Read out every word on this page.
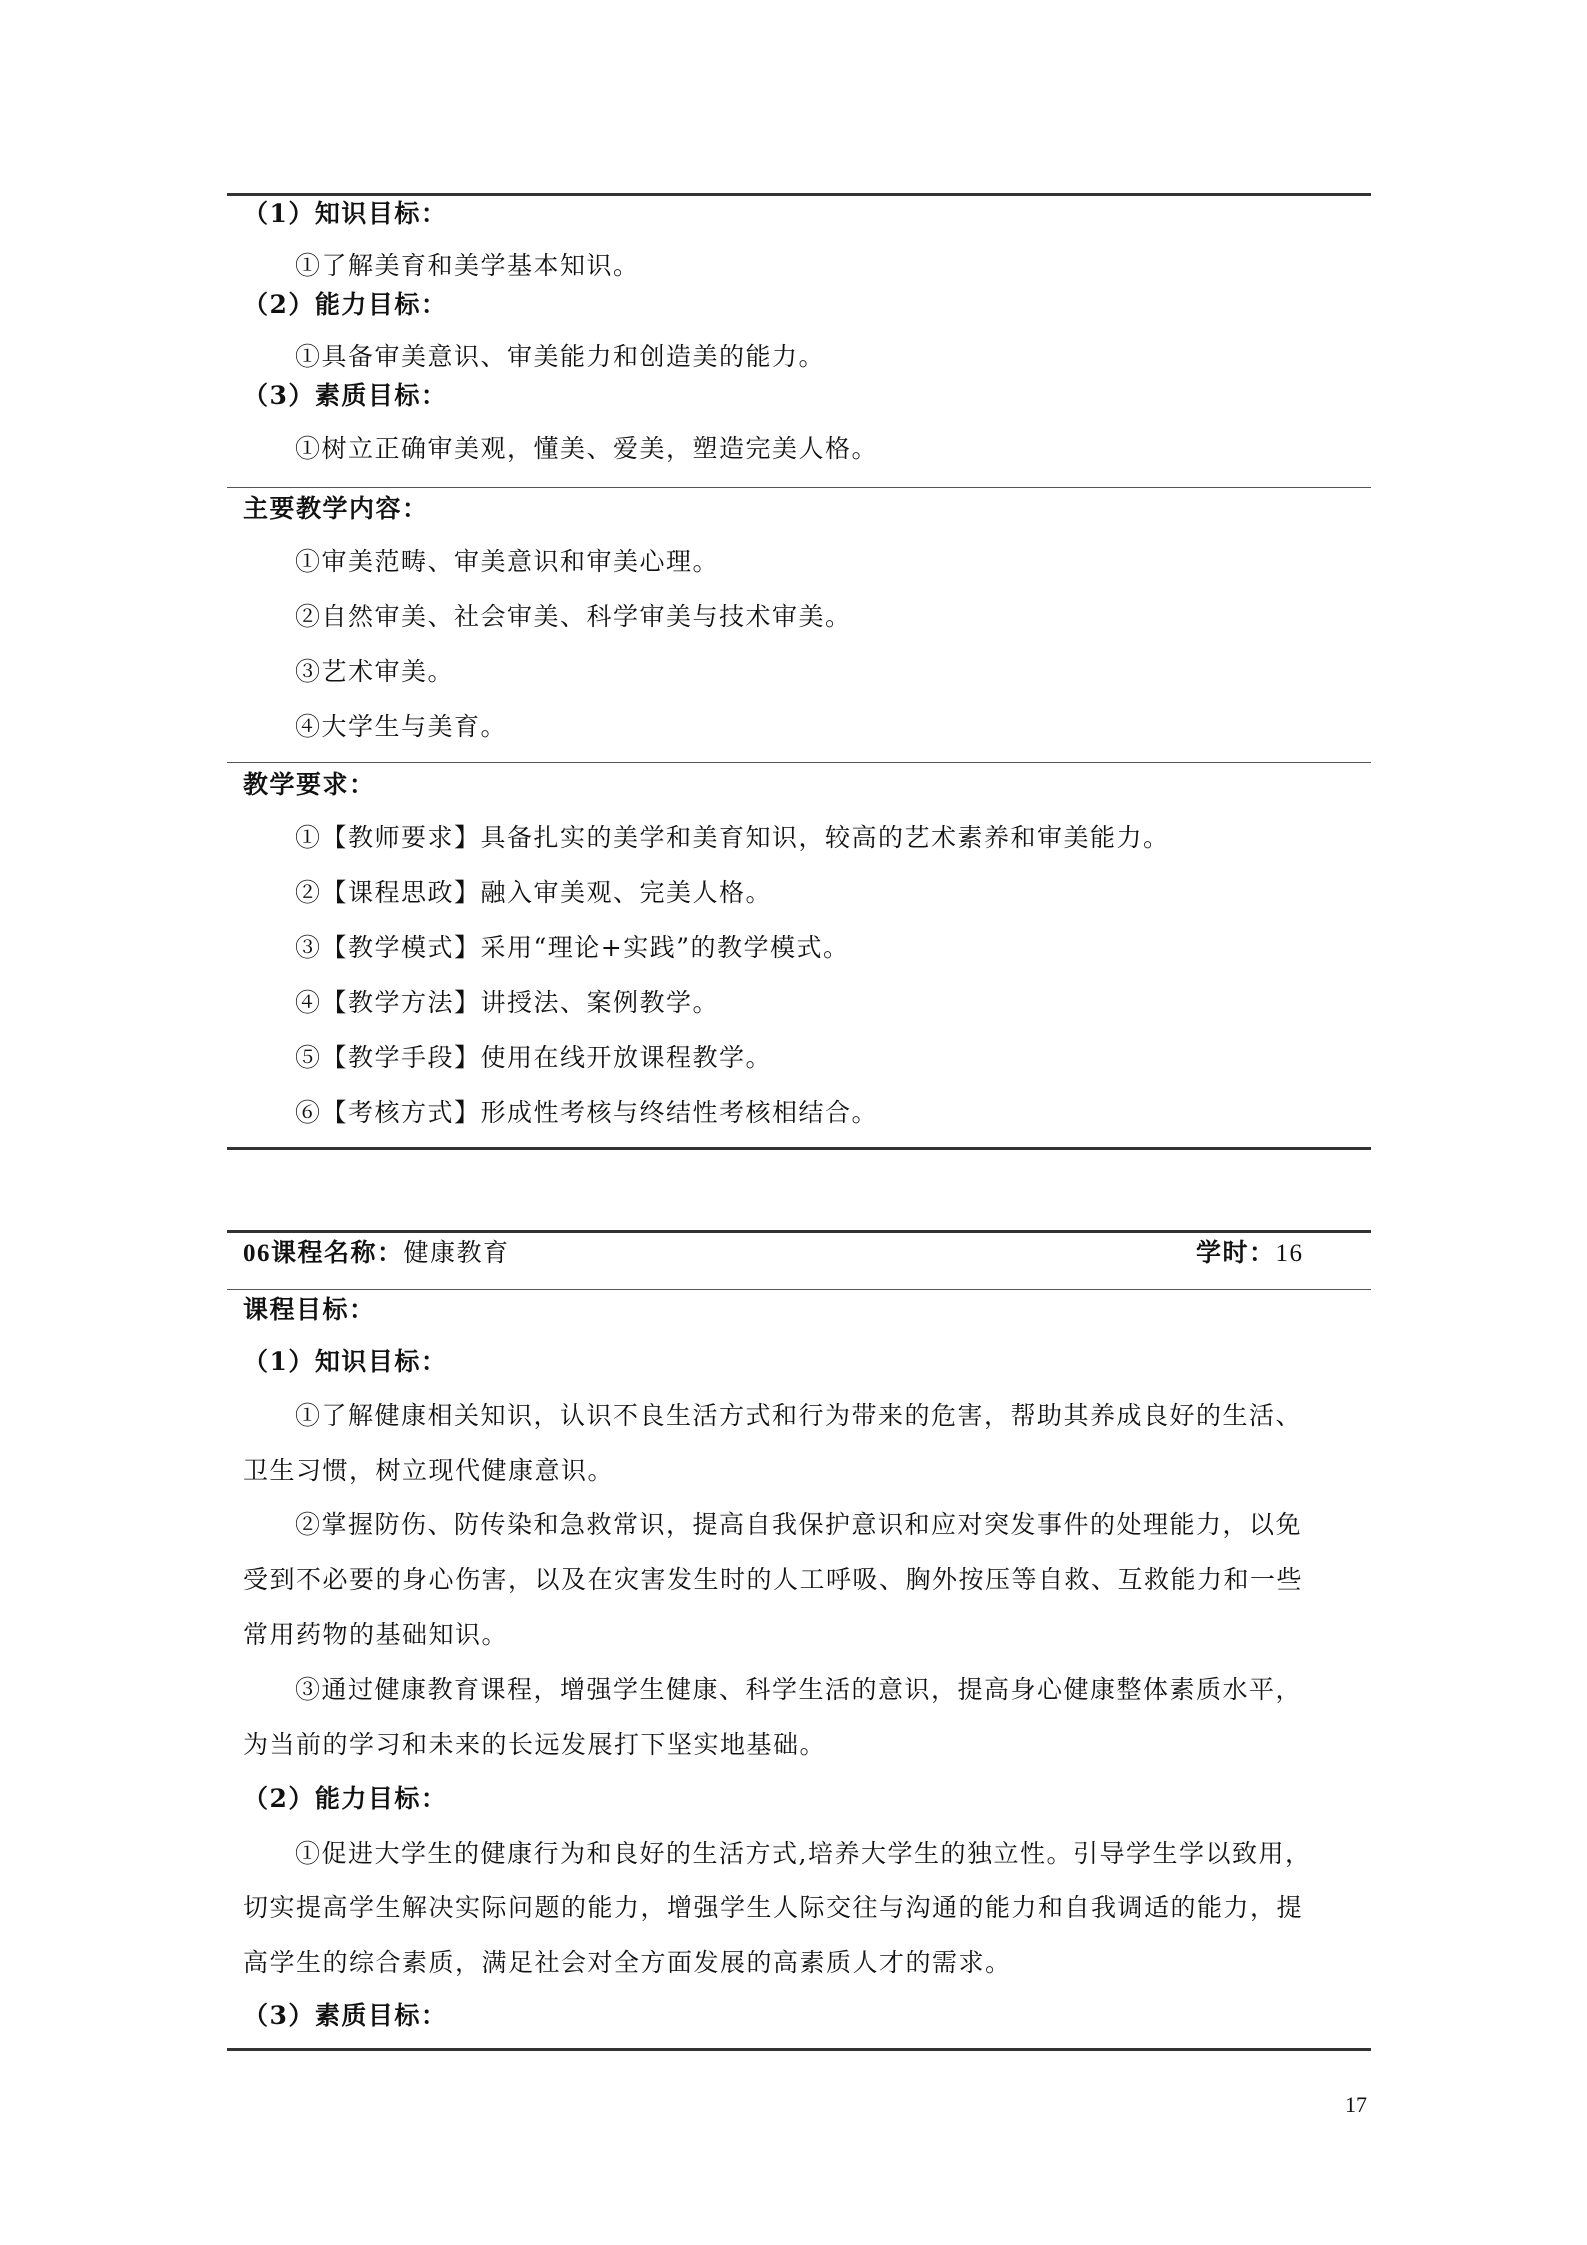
（1）知识目标：
①了解美育和美学基本知识。
（2）能力目标：
①具备审美意识、审美能力和创造美的能力。
（3）素质目标：
①树立正确审美观，懂美、爱美，塑造完美人格。
主要教学内容：
①审美范畴、审美意识和审美心理。
②自然审美、社会审美、科学审美与技术审美。
③艺术审美。
④大学生与美育。
教学要求：
①【教师要求】具备扎实的美学和美育知识，较高的艺术素养和审美能力。
②【课程思政】融入审美观、完美人格。
③【教学模式】采用“理论+实践”的教学模式。
④【教学方法】讲授法、案例教学。
⑤【教学手段】使用在线开放课程教学。
⑥【考核方式】形成性考核与终结性考核相结合。
06课程名称：健康教育	学时：16
课程目标：
（1）知识目标：
①了解健康相关知识，认识不良生活方式和行为带来的危害，帮助其养成良好的生活、
卫生习惯，树立现代健康意识。
②掌握防伤、防传染和急救常识，提高自我保护意识和应对突发事件的处理能力，以免
受到不必要的身心伤害，以及在灾害发生时的人工呼吸、胸外按压等自救、互救能力和一些
常用药物的基础知识。
③通过健康教育课程，增强学生健康、科学生活的意识，提高身心健康整体素质水平，
为当前的学习和未来的长远发展打下坚实地基础。
（2）能力目标：
①促进大学生的健康行为和良好的生活方式,培养大学生的独立性。引导学生学以致用，
切实提高学生解决实际问题的能力，增强学生人际交往与沟通的能力和自我调适的能力，提
高学生的综合素质，满足社会对全方面发展的高素质人才的需求。
（3）素质目标：
17
